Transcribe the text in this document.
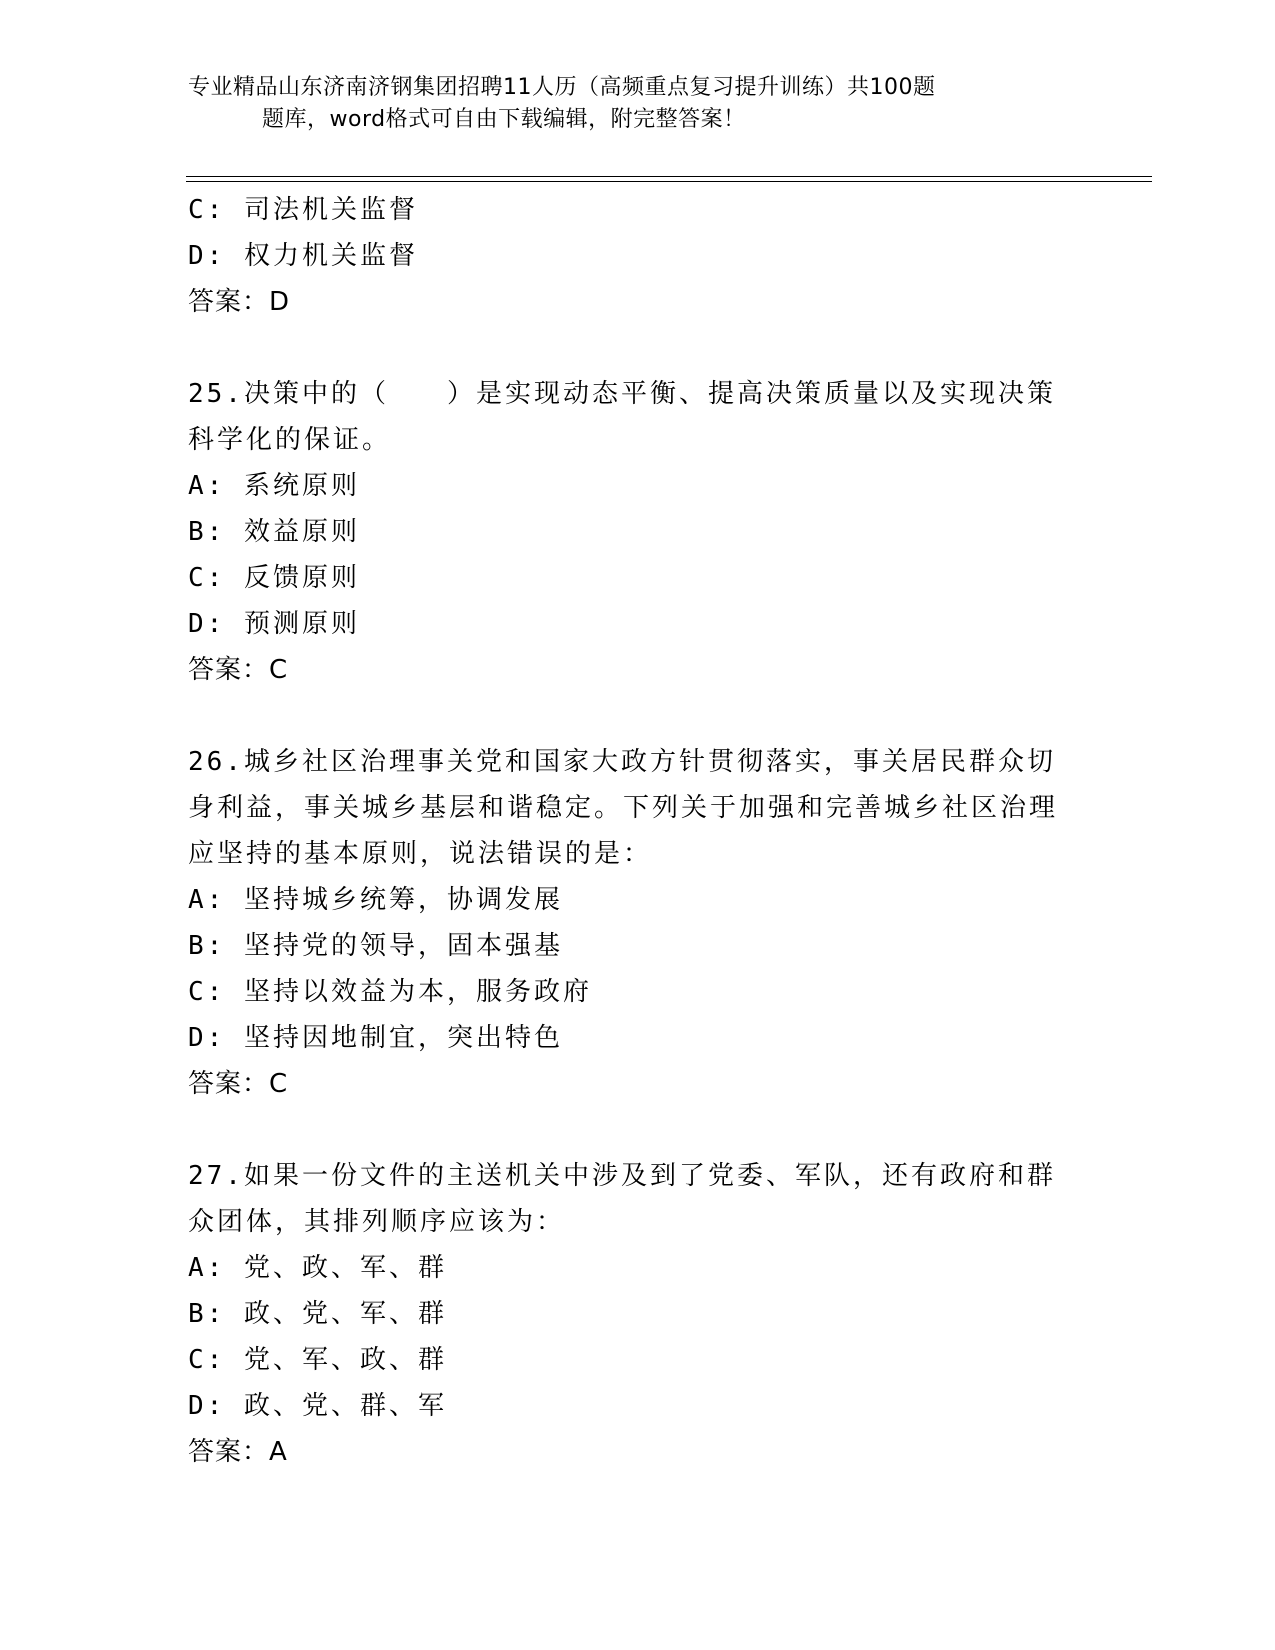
专业精品山东济南济钢集团招聘11人历（高频重点复习提升训练）共100题
题库，word格式可自由下载编辑，附完整答案！
C: 司法机关监督
D: 权力机关监督
答案：D
25.决策中的（　　）是实现动态平衡、提高决策质量以及实现决策科学化的保证。
A: 系统原则
B: 效益原则
C: 反馈原则
D: 预测原则
答案：C
26.城乡社区治理事关党和国家大政方针贯彻落实，事关居民群众切身利益，事关城乡基层和谐稳定。下列关于加强和完善城乡社区治理应坚持的基本原则，说法错误的是：
A: 坚持城乡统筹，协调发展
B: 坚持党的领导，固本强基
C: 坚持以效益为本，服务政府
D: 坚持因地制宜，突出特色
答案：C
27.如果一份文件的主送机关中涉及到了党委、军队，还有政府和群众团体，其排列顺序应该为：
A: 党、政、军、群
B: 政、党、军、群
C: 党、军、政、群
D: 政、党、群、军
答案：A
